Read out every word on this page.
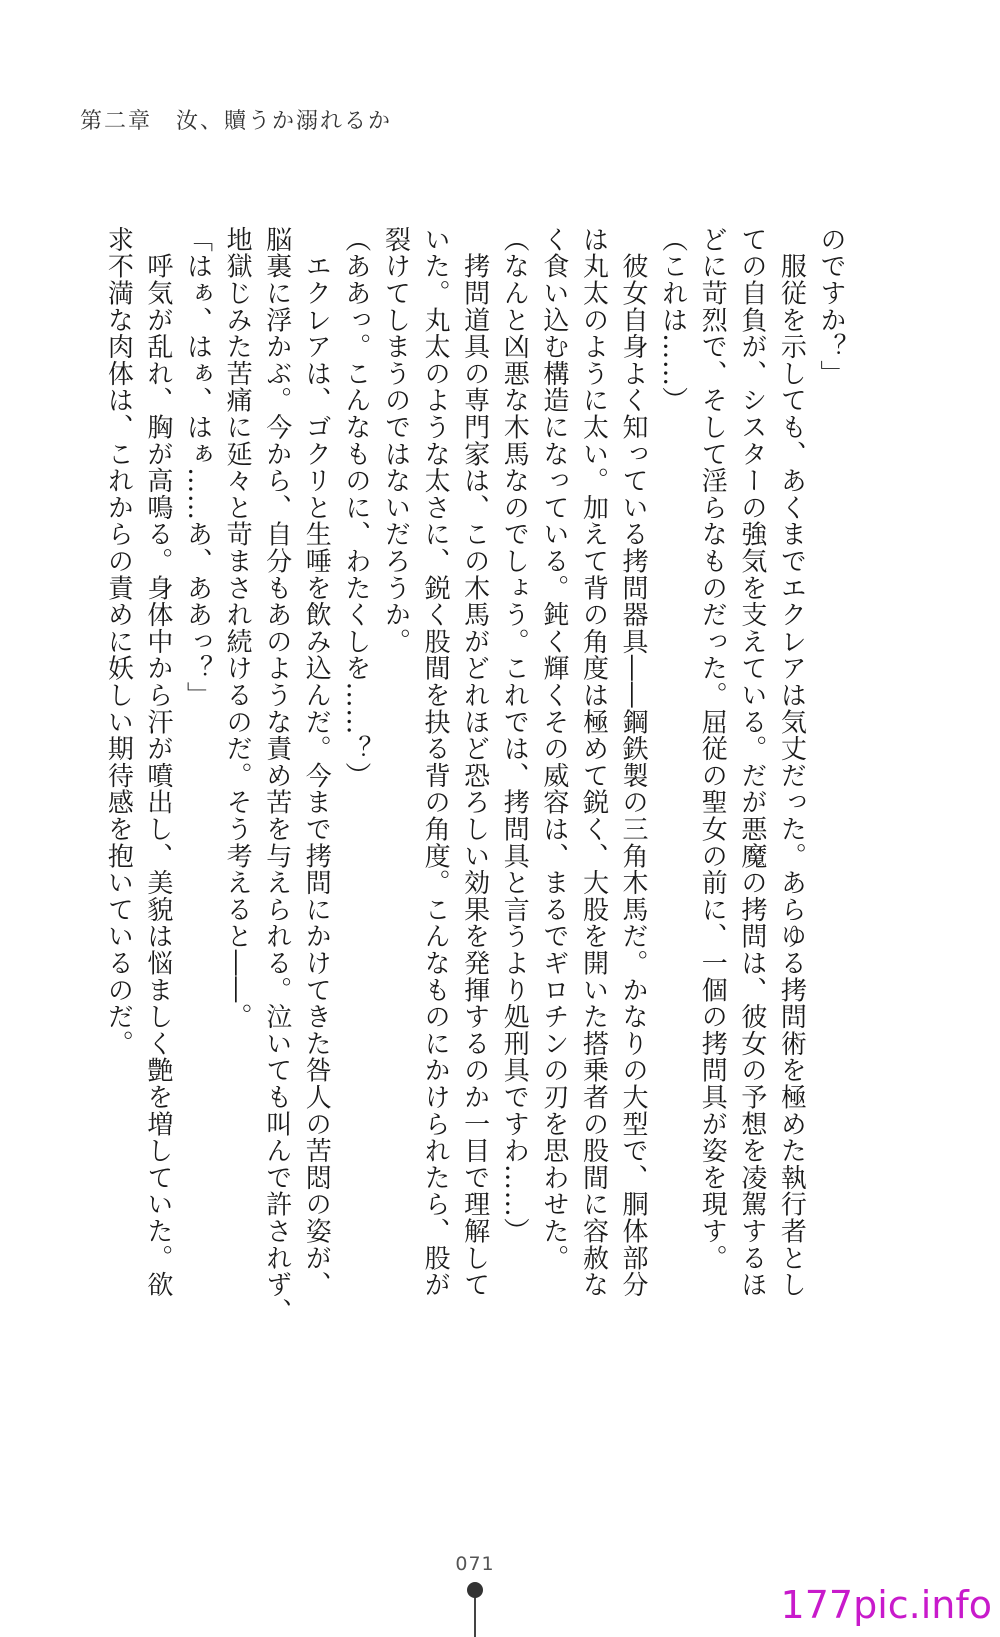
第二章　汝、贖うか溺れるか

のですか？」

　服従を示しても、あくまでエクレアは気丈だった。あらゆる拷問術を極めた執行者とし

ての自負が、シスターの強気を支えている。だが悪魔の拷問は、彼女の予想を凌駕するほ

どに苛烈で、そして淫らなものだった。屈従の聖女の前に、一個の拷問具が姿を現す。

（これは……）

　彼女自身よく知っている拷問器具――鋼鉄製の三角木馬だ。かなりの大型で、胴体部分

は丸太のように太い。加えて背の角度は極めて鋭く、大股を開いた搭乗者の股間に容赦な

く食い込む構造になっている。鈍く輝くその威容は、まるでギロチンの刃を思わせた。

（なんと凶悪な木馬なのでしょう。これでは、拷問具と言うより処刑具ですわ……）

　拷問道具の専門家は、この木馬がどれほど恐ろしい効果を発揮するのか一目で理解して

いた。丸太のような太さに、鋭く股間を抉る背の角度。こんなものにかけられたら、股が

裂けてしまうのではないだろうか。

（ああっ。こんなものに、わたくしを……？）

　エクレアは、ゴクリと生唾を飲み込んだ。今まで拷問にかけてきた咎人の苦悶の姿が、

脳裏に浮かぶ。今から、自分もあのような責め苦を与えられる。泣いても叫んで許されず、

地獄じみた苦痛に延々と苛まされ続けるのだ。そう考えると――。

「はぁ、はぁ、はぁ……あ、ああっ？」

　呼気が乱れ、胸が高鳴る。身体中から汗が噴出し、美貌は悩ましく艶を増していた。欲

求不満な肉体は、これからの責めに妖しい期待感を抱いているのだ。

071
177pic.info
